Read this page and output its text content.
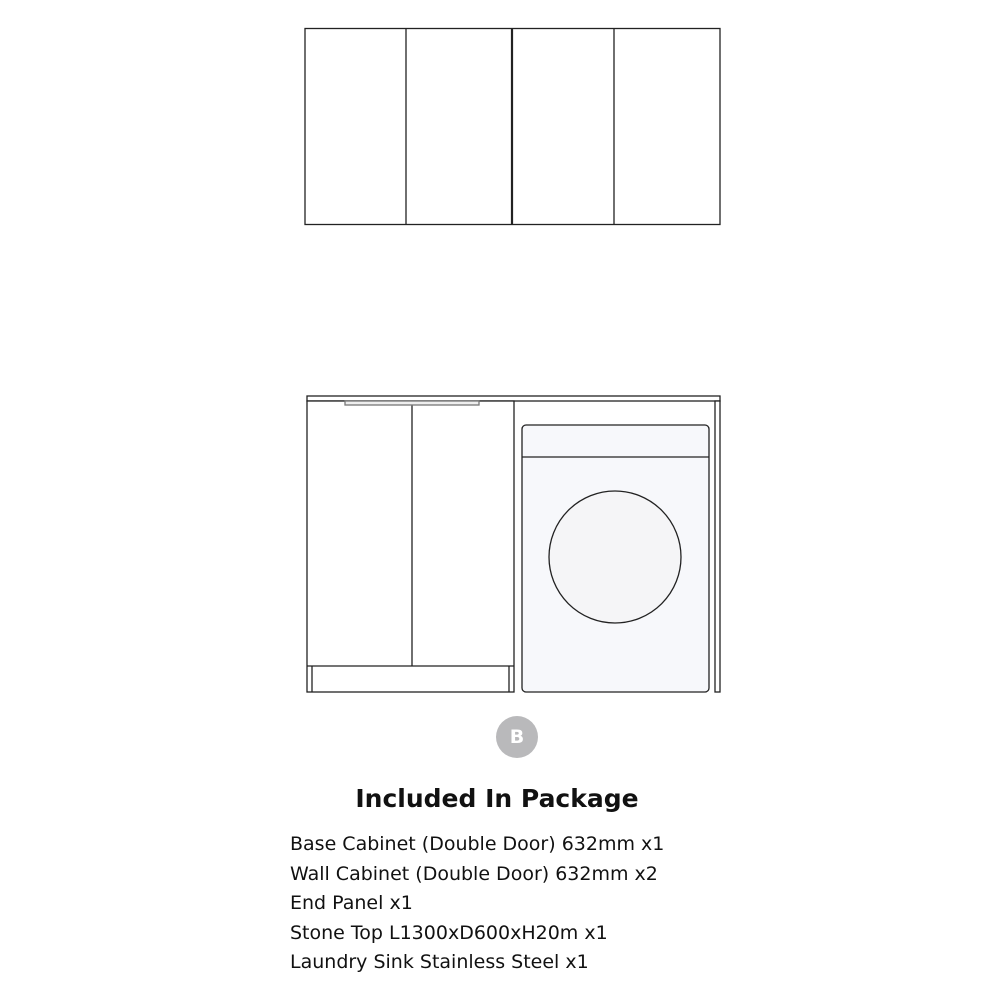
B
Included In Package
Base Cabinet (Double Door) 632mm x1
Wall Cabinet (Double Door) 632mm x2
End Panel x1
Stone Top L1300xD600xH20m x1
Laundry Sink Stainless Steel x1
